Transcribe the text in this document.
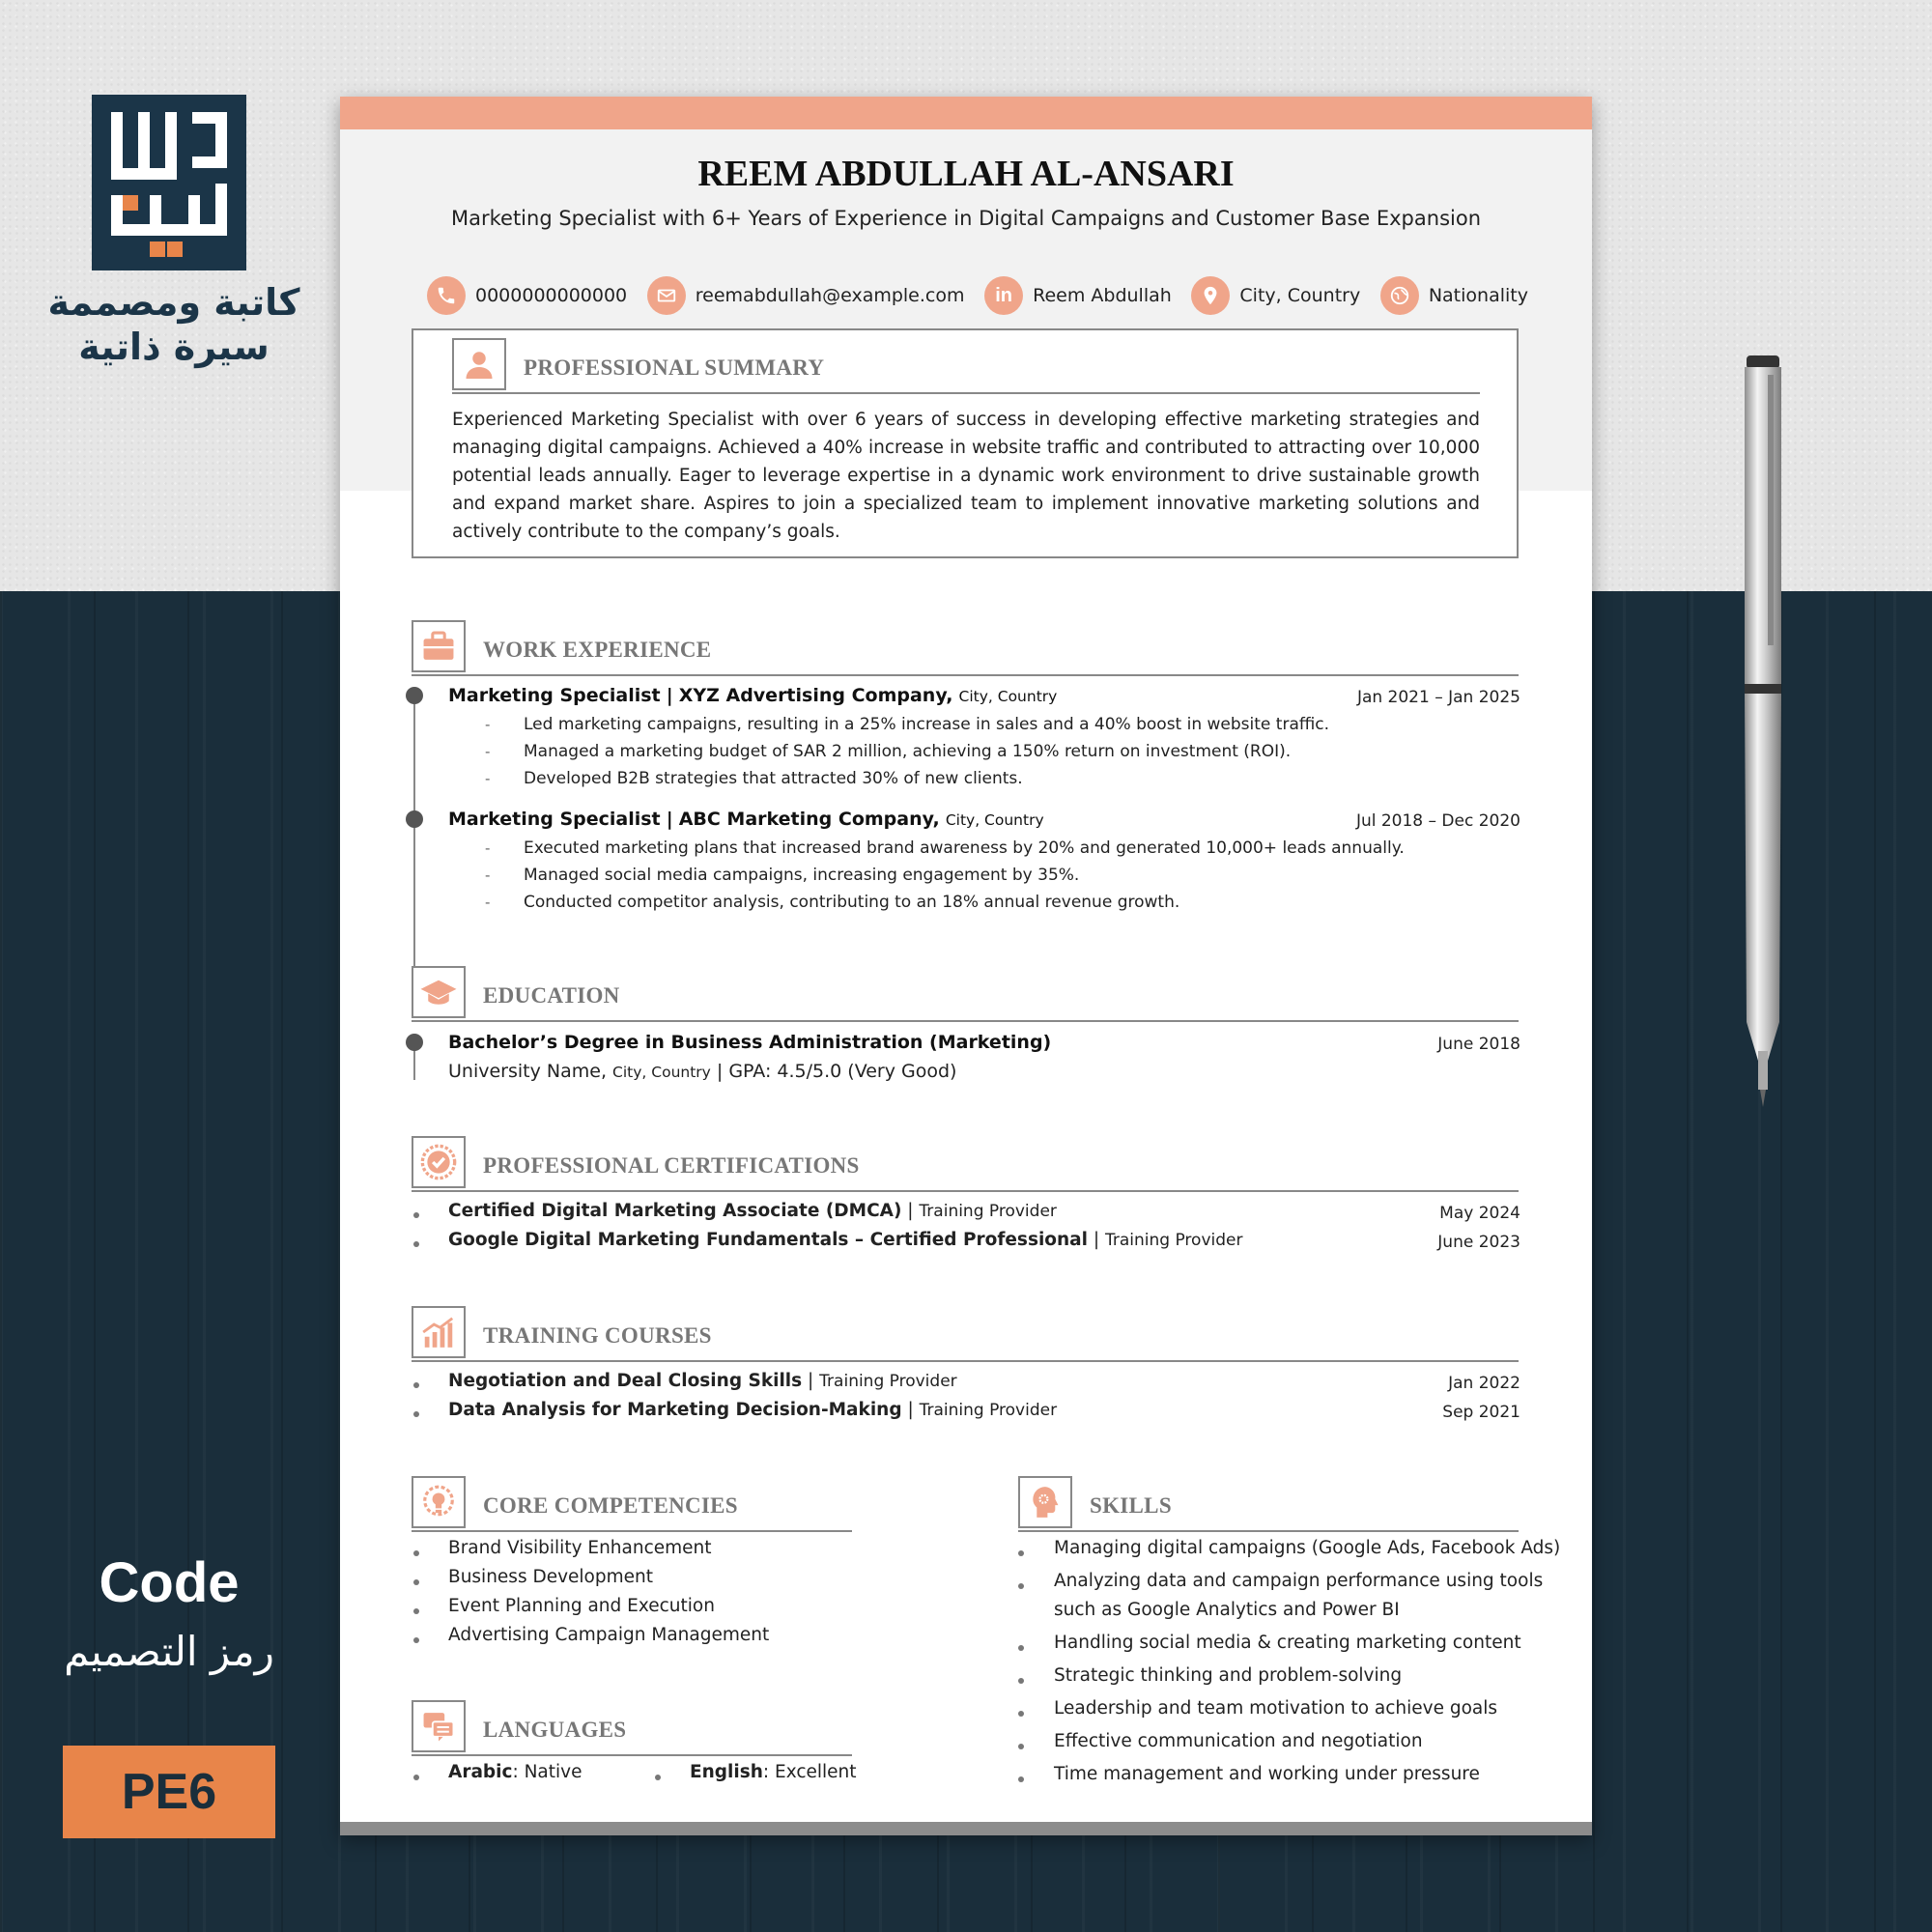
كاتبة ومصممة
سيرة ذاتية
Code
رمز التصميم
PE6
REEM ABDULLAH AL-ANSARI
Marketing Specialist with 6+ Years of Experience in Digital Campaigns and Customer Base Expansion
0000000000000	reemabdullah@example.com in Reem Abdullah	City, Country	Nationality
PROFESSIONAL SUMMARY
Experienced Marketing Specialist with over 6 years of success in developing effective marketing strategies and managing digital campaigns. Achieved a 40% increase in website traffic and contributed to attracting over 10,000 potential leads annually. Eager to leverage expertise in a dynamic work environment to drive sustainable growth and expand market share. Aspires to join a specialized team to implement innovative marketing solutions and actively contribute to the company’s goals.
WORK EXPERIENCE
Marketing Specialist | XYZ Advertising Company, City, Country	Jan 2021 – Jan 2025
- Led marketing campaigns, resulting in a 25% increase in sales and a 40% boost in website traffic.
- Managed a marketing budget of SAR 2 million, achieving a 150% return on investment (ROI).
- Developed B2B strategies that attracted 30% of new clients.
Marketing Specialist | ABC Marketing Company, City, Country	Jul 2018 – Dec 2020
- Executed marketing plans that increased brand awareness by 20% and generated 10,000+ leads annually.
- Managed social media campaigns, increasing engagement by 35%.
- Conducted competitor analysis, contributing to an 18% annual revenue growth.
EDUCATION
Bachelor’s Degree in Business Administration (Marketing)	June 2018
University Name, City, Country | GPA: 4.5/5.0 (Very Good)
PROFESSIONAL CERTIFICATIONS
Certified Digital Marketing Associate (DMCA) | Training Provider	May 2024
Google Digital Marketing Fundamentals – Certified Professional | Training Provider	June 2023
TRAINING COURSES
Negotiation and Deal Closing Skills | Training Provider	Jan 2022
Data Analysis for Marketing Decision-Making | Training Provider	Sep 2021
CORE COMPETENCIES
Brand Visibility Enhancement
Business Development
Event Planning and Execution
Advertising Campaign Management
LANGUAGES
Arabic: Native	English: Excellent
SKILLS
Managing digital campaigns (Google Ads, Facebook Ads)
Analyzing data and campaign performance using tools
such as Google Analytics and Power BI
Handling social media & creating marketing content
Strategic thinking and problem-solving
Leadership and team motivation to achieve goals
Effective communication and negotiation
Time management and working under pressure
